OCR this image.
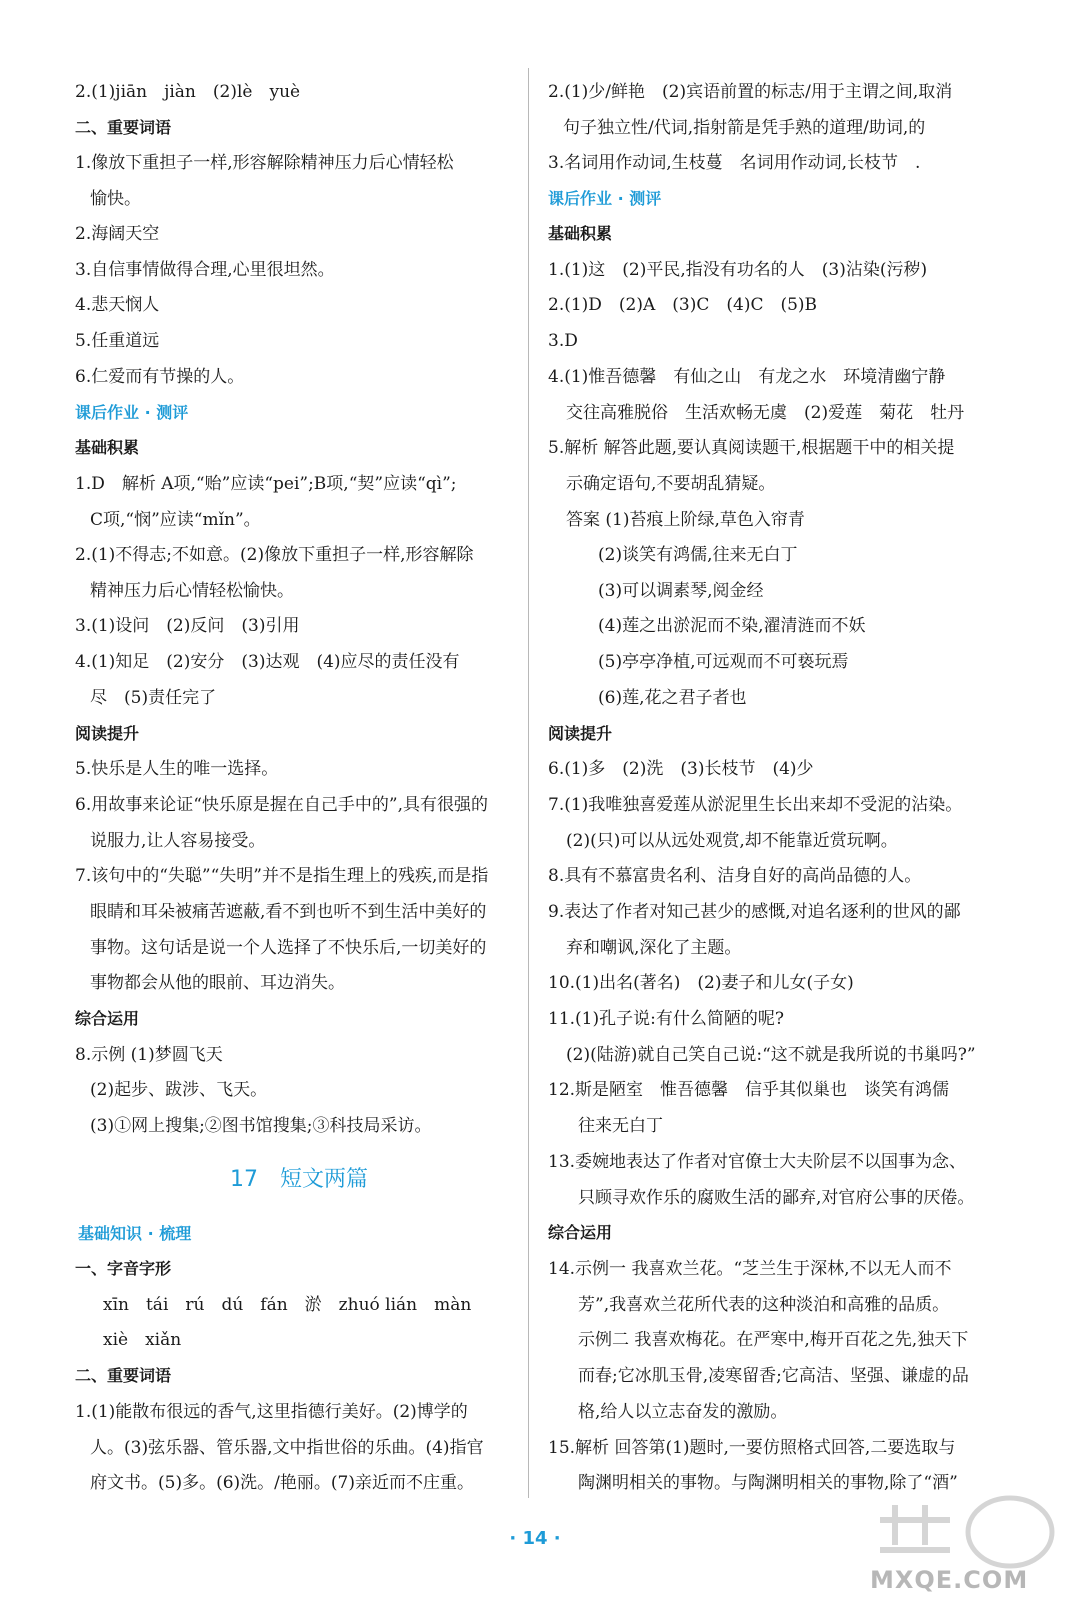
2.(1)jiān　jiàn　(2)lè　yuè
二、重要词语
1.像放下重担子一样,形容解除精神压力后心情轻松
愉快。
2.海阔天空
3.自信事情做得合理,心里很坦然。
4.悲天悯人
5.任重道远
6.仁爱而有节操的人。
课后作业 · 测评
基础积累
1.D　解析 A项,“贻”应读“pei”;B项,“契”应读“qì”;
C项,“悯”应读“mǐn”。
2.(1)不得志;不如意。(2)像放下重担子一样,形容解除
精神压力后心情轻松愉快。
3.(1)设问　(2)反问　(3)引用
4.(1)知足　(2)安分　(3)达观　(4)应尽的责任没有
尽　(5)责任完了
阅读提升
5.快乐是人生的唯一选择。
6.用故事来论证“快乐原是握在自己手中的”,具有很强的
说服力,让人容易接受。
7.该句中的“失聪”“失明”并不是指生理上的残疾,而是指
眼睛和耳朵被痛苦遮蔽,看不到也听不到生活中美好的
事物。这句话是说一个人选择了不快乐后,一切美好的
事物都会从他的眼前、耳边消失。
综合运用
8.示例 (1)梦圆飞天
(2)起步、跋涉、飞天。
(3)①网上搜集;②图书馆搜集;③科技局采访。
17　短文两篇
基础知识 · 梳理
一、字音字形
xīn　tái　rú　dú　fán　淤　zhuó lián　màn
xiè　xiǎn
二、重要词语
1.(1)能散布很远的香气,这里指德行美好。(2)博学的
人。(3)弦乐器、管乐器,文中指世俗的乐曲。(4)指官
府文书。(5)多。(6)洗。/艳丽。(7)亲近而不庄重。
2.(1)少/鲜艳　(2)宾语前置的标志/用于主谓之间,取消
句子独立性/代词,指射箭是凭手熟的道理/助词,的
3.名词用作动词,生枝蔓　名词用作动词,长枝节　.
课后作业 · 测评
基础积累
1.(1)这　(2)平民,指没有功名的人　(3)沾染(污秽)
2.(1)D　(2)A　(3)C　(4)C　(5)B
3.D
4.(1)惟吾德馨　有仙之山　有龙之水　环境清幽宁静
交往高雅脱俗　生活欢畅无虞　(2)爱莲　菊花　牡丹
5.解析 解答此题,要认真阅读题干,根据题干中的相关提
示确定语句,不要胡乱猜疑。
答案 (1)苔痕上阶绿,草色入帘青
(2)谈笑有鸿儒,往来无白丁
(3)可以调素琴,阅金经
(4)莲之出淤泥而不染,濯清涟而不妖
(5)亭亭净植,可远观而不可亵玩焉
(6)莲,花之君子者也
阅读提升
6.(1)多　(2)洗　(3)长枝节　(4)少
7.(1)我唯独喜爱莲从淤泥里生长出来却不受泥的沾染。
(2)(只)可以从远处观赏,却不能靠近赏玩啊。
8.具有不慕富贵名利、洁身自好的高尚品德的人。
9.表达了作者对知己甚少的感慨,对追名逐利的世风的鄙
弃和嘲讽,深化了主题。
10.(1)出名(著名)　(2)妻子和儿女(子女)
11.(1)孔子说:有什么简陋的呢?
(2)(陆游)就自己笑自己说:“这不就是我所说的书巢吗?”
12.斯是陋室　惟吾德馨　信乎其似巢也　谈笑有鸿儒
往来无白丁
13.委婉地表达了作者对官僚士大夫阶层不以国事为念、
只顾寻欢作乐的腐败生活的鄙弃,对官府公事的厌倦。
综合运用
14.示例一 我喜欢兰花。“芝兰生于深林,不以无人而不
芳”,我喜欢兰花所代表的这种淡泊和高雅的品质。
示例二 我喜欢梅花。在严寒中,梅开百花之先,独天下
而春;它冰肌玉骨,凌寒留香;它高洁、坚强、谦虚的品
格,给人以立志奋发的激励。
15.解析 回答第(1)题时,一要仿照格式回答,二要选取与
陶渊明相关的事物。与陶渊明相关的事物,除了“酒”
· 14 ·
MXQE.COM
